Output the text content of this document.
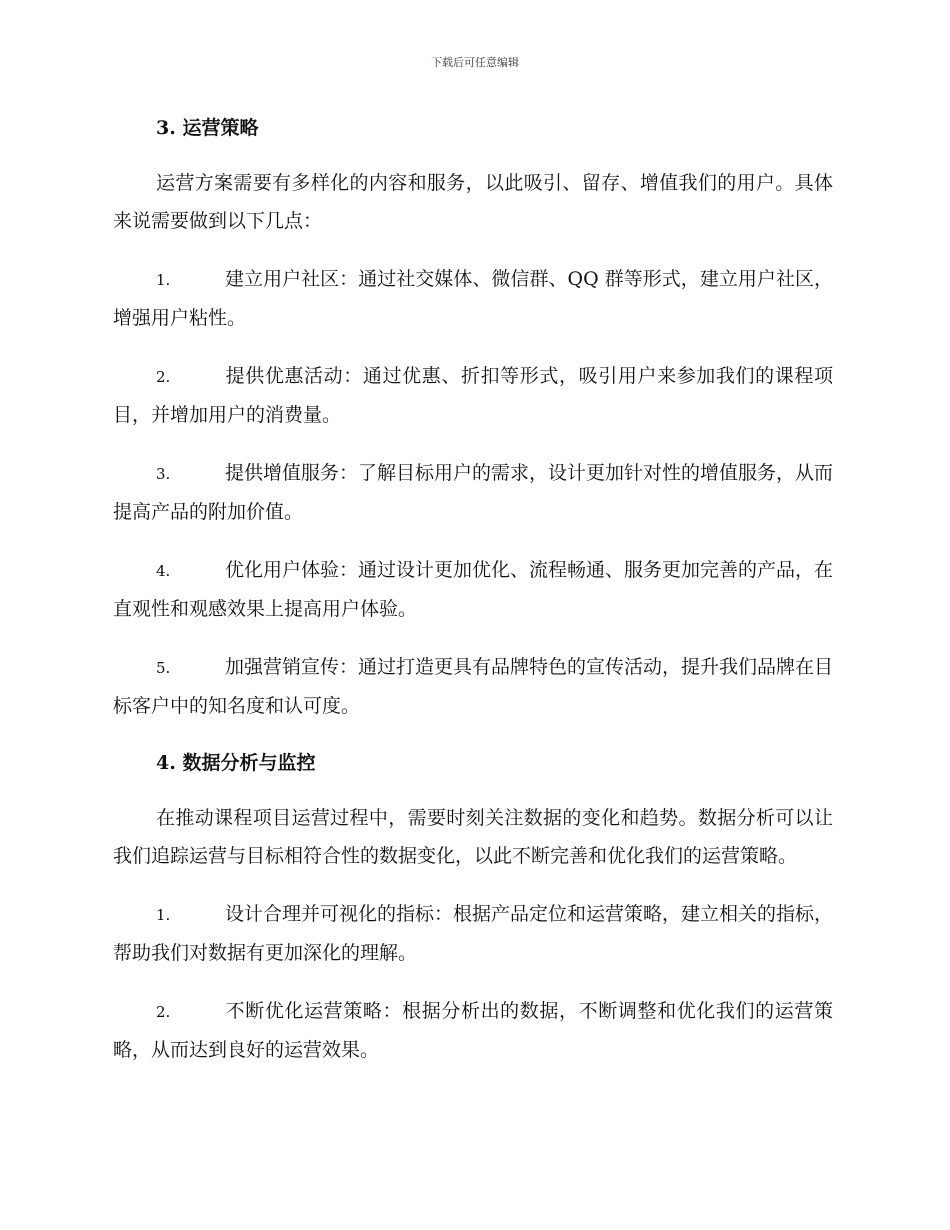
下载后可任意编辑
3. 运营策略

运营方案需要有多样化的内容和服务，以此吸引、留存、增值我们的用户。具体来说需要做到以下几点：

1.	建立用户社区：通过社交媒体、微信群、QQ 群等形式，建立用户社区，增强用户粘性。

2.	提供优惠活动：通过优惠、折扣等形式，吸引用户来参加我们的课程项目，并增加用户的消费量。

3.	提供增值服务：了解目标用户的需求，设计更加针对性的增值服务，从而提高产品的附加价值。

4.	优化用户体验：通过设计更加优化、流程畅通、服务更加完善的产品，在直观性和观感效果上提高用户体验。

5.	加强营销宣传：通过打造更具有品牌特色的宣传活动，提升我们品牌在目标客户中的知名度和认可度。

4. 数据分析与监控

在推动课程项目运营过程中，需要时刻关注数据的变化和趋势。数据分析可以让我们追踪运营与目标相符合性的数据变化，以此不断完善和优化我们的运营策略。

1.	设计合理并可视化的指标：根据产品定位和运营策略，建立相关的指标，帮助我们对数据有更加深化的理解。

2.	不断优化运营策略：根据分析出的数据，不断调整和优化我们的运营策略，从而达到良好的运营效果。
